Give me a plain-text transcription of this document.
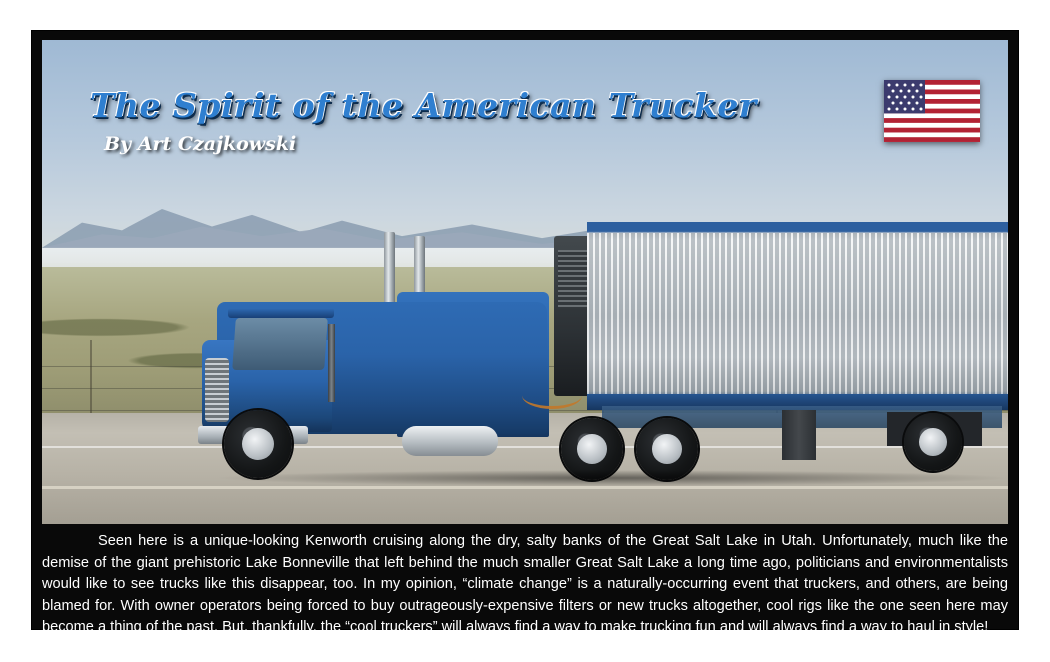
The Spirit of the American Trucker
By Art Czajkowski

Seen here is a unique-looking Kenworth cruising along the dry, salty banks of the Great Salt Lake in Utah. Unfortunately, much like the demise of the giant prehistoric Lake Bonneville that left behind the much smaller Great Salt Lake a long time ago, politicians and environmentalists would like to see trucks like this disappear, too. In my opinion, “climate change” is a naturally-occurring event that truckers, and others, are being blamed for. With owner operators being forced to buy outrageously-expensive filters or new trucks altogether, cool rigs like the one seen here may become a thing of the past. But, thankfully, the “cool truckers” will always find a way to make trucking fun and will always find a way to haul in style!
